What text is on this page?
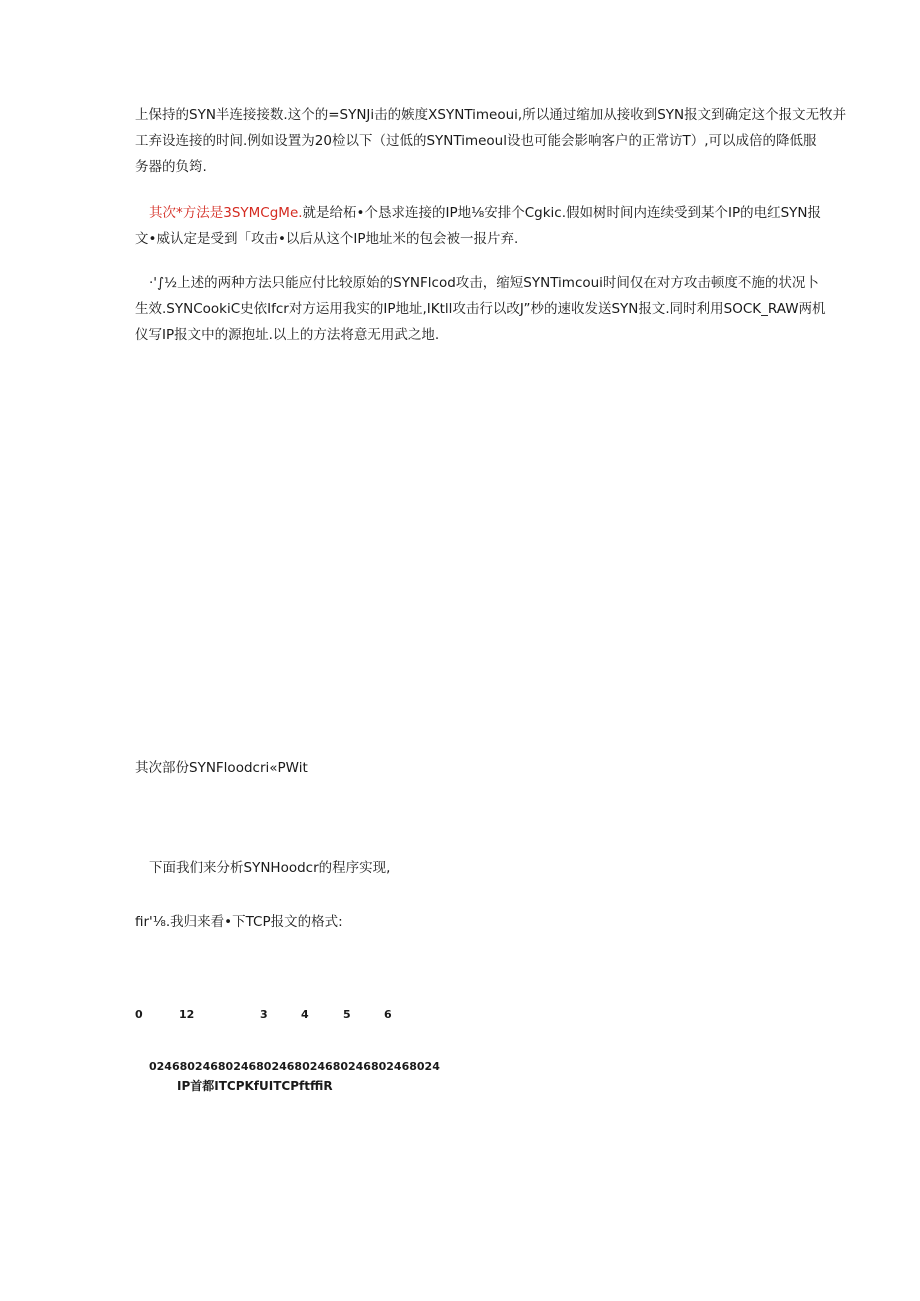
上保持的SYN半连接接数.这个的=SYNJi击的嫉度XSYNTimeoui,所以通过缩加从接收到SYN报文到确定这个报文无牧并
工弃设连接的时间.例如设置为20检以下（过低的SYNTimeoul设也可能会影响客户的正常访T）,可以成倍的降低服
务器的负筠.
其次*方法是3SYMCgMe.就是给柘•个恳求连接的IP地⅛安排个Cgkic.假如树时间内连续受到某个IP的电红SYN报
文•威认定是受到「攻击•以后从这个IP地址米的包会被一报片弃.
·'∫½上述的两种方法只能应付比较原始的SYNFlcod攻击，缩短SYNTimcoui时间仅在对方攻击顿度不施的状况卜
生效.SYNCookiC史依Ifcr对方运用我实的IP地址,IKtll攻击行以改J”杪的速收发送SYN报文.同时利用SOCK_RAW两机
仪写IP报文中的源抱址.以上的方法将意无用武之地.
其次部份SYNFloodcri«PWit
下面我们来分析SYNHoodcr的程序实现,
fir'⅛.我归来看•下TCP报文的格式:
0	12	3	4	5	6
02468024680246802468024680246802468024
IP首都ITCPKfUITCPftffiR
